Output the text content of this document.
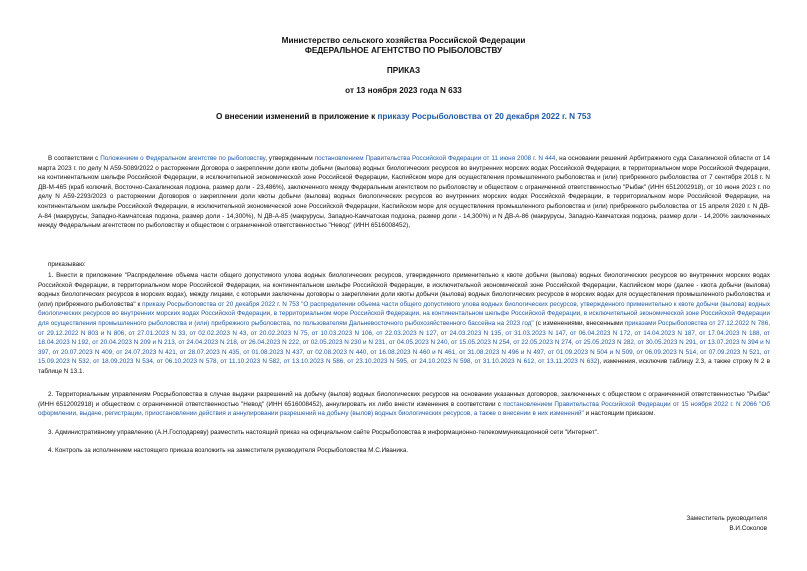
Министерство сельского хозяйства Российской Федерации
ФЕДЕРАЛЬНОЕ АГЕНТСТВО ПО РЫБОЛОВСТВУ
ПРИКАЗ
от 13 ноября 2023 года N 633
О внесении изменений в приложение к приказу Росрыболовства от 20 декабря 2022 г. N 753
В соответствии с Положением о Федеральном агентстве по рыболовству, утвержденным постановлением Правительства Российской Федерации от 11 июня 2008 г. N 444, на основании решений Арбитражного суда Сахалинской области от 14 марта 2023 г. по делу N А59-5089/2022 о расторжении Договора о закреплении доли квоты добычи (вылова) водных биологических ресурсов во внутренних морских водах Российской Федерации, в территориальном море Российской Федерации, на континентальном шельфе Российской Федерации, в исключительной экономической зоне Российской Федерации, Каспийском море для осуществления промышленного рыболовства и (или) прибрежного рыболовства от 7 сентября 2018 г. N ДВ-М-465 (краб колючий, Восточно-Сахалинская подзона, размер доли - 23,486%), заключенного между Федеральным агентством по рыболовству и обществом с ограниченной ответственностью "Рыбак" (ИНН 6512002918), от 10 июня 2023 г. по делу N А59-2293/2023 о расторжении Договоров о закреплении доли квоты добычи (вылова) водных биологических ресурсов во внутренних морских водах Российской Федерации, в территориальном море Российской Федерации, на континентальном шельфе Российской Федерации, в исключительной экономической зоне Российской Федерации, Каспийском море для осуществления промышленного рыболовства и (или) прибрежного рыболовства от 15 апреля 2020 г. N ДВ-А-84 (макрурусы, Западно-Камчатская подзона, размер доли - 14,300%), N ДВ-А-85 (макрурусы, Западно-Камчатская подзона, размер доли - 14,300%) и N ДВ-А-86 (макрурусы, Западно-Камчатская подзона, размер доли - 14,200% заключенных между Федеральным агентством по рыболовству и обществом с ограниченной ответственностью "Невод" (ИНН 6516008452),
приказываю:
1. Внести в приложение "Распределение объема части общего допустимого улова водных биологических ресурсов, утвержденного применительно к квоте добычи (вылова) водных биологических ресурсов во внутренних морских водах Российской Федерации, в территориальном море Российской Федерации, на континентальном шельфе Российской Федерации, в исключительной экономической зоне Российской Федерации, Каспийском море (далее - квота добычи (вылова) водных биологических ресурсов в морских водах), между лицами, с которыми заключены договоры о закреплении доли квоты добычи (вылова) водных биологических ресурсов в морских водах для осуществления промышленного рыболовства и (или) прибрежного рыболовства" к приказу Росрыболовства от 20 декабря 2022 г. N 753 "О распределении объема части общего допустимого улова водных биологических ресурсов, утвержденного применительно к квоте добычи (вылова) водных биологических ресурсов во внутренних морских водах Российской Федерации, в территориальном море Российской Федерации, на континентальном шельфе Российской Федерации, в исключительной экономической зоне Российской Федерации для осуществления промышленного рыболовства и (или) прибрежного рыболовства, по пользователям Дальневосточного рыбохозяйственного бассейна на 2023 год" (с изменениями, внесенными приказами Росрыболовства от 27.12.2022 N 786, от 29.12.2022 N 803 и N 806, от 27.01.2023 N 33, от 02.02.2023 N 43, от 20.02.2023 N 75, от 10.03.2023 N 106, от 22.03.2023 N 127, от 24.03.2023 N 135, от 31.03.2023 N 147, от 06.04.2023 N 172, от 14.04.2023 N 187, от 17.04.2023 N 188, от 18.04.2023 N 192, от 20.04.2023 N 209 и N 213, от 24.04.2023 N 218, от 26.04.2023 N 222, от 02.05.2023 N 230 и N 231, от 04.05.2023 N 240, от 15.05.2023 N 254, от 22.05.2023 N 274, от 25.05.2023 N 282, от 30.05.2023 N 291, от 13.07.2023 N 394 и N 397, от 20.07.2023 N 409, от 24.07.2023 N 421, от 28.07.2023 N 435, от 01.08.2023 N 437, от 02.08.2023 N 440, от 16.08.2023 N 460 и N 461, от 31.08.2023 N 496 и N 497, от 01.09.2023 N 504 и N 509, от 06.09.2023 N 514, от 07.09.2023 N 521, от 15.09.2023 N 532, от 18.09.2023 N 534, от 06.10.2023 N 578, от 11.10.2023 N 582, от 13.10.2023 N 586, от 23.10.2023 N 595, от 24.10.2023 N 598, от 31.10.2023 N 612, от 13.11.2023 N 632), изменения, исключив таблицу 2.3, а также строку N 2 в таблице N 13.1.
2. Территориальным управлениям Росрыболовства в случае выдачи разрешений на добычу (вылов) водных биологических ресурсов на основании указанных договоров, заключенных с обществом с ограниченной ответственностью "Рыбак" (ИНН 6512002918) и обществом с ограниченной ответственностью "Невод" (ИНН 6516008452), аннулировать их либо внести изменения в соответствии с постановлением Правительства Российской Федерации от 15 ноября 2022 г. N 2066 "Об оформлении, выдаче, регистрации, приостановлении действия и аннулировании разрешений на добычу (вылов) водных биологических ресурсов, а также о внесении в них изменений" и настоящим приказом.
3. Административному управлению (А.Н.Господареву) разместить настоящий приказ на официальном сайте Росрыболовства в информационно-телекоммуникационной сети "Интернет".
4. Контроль за исполнением настоящего приказа возложить на заместителя руководителя Росрыболовства М.С.Иваника.
Заместитель руководителя
В.И.Соколов
